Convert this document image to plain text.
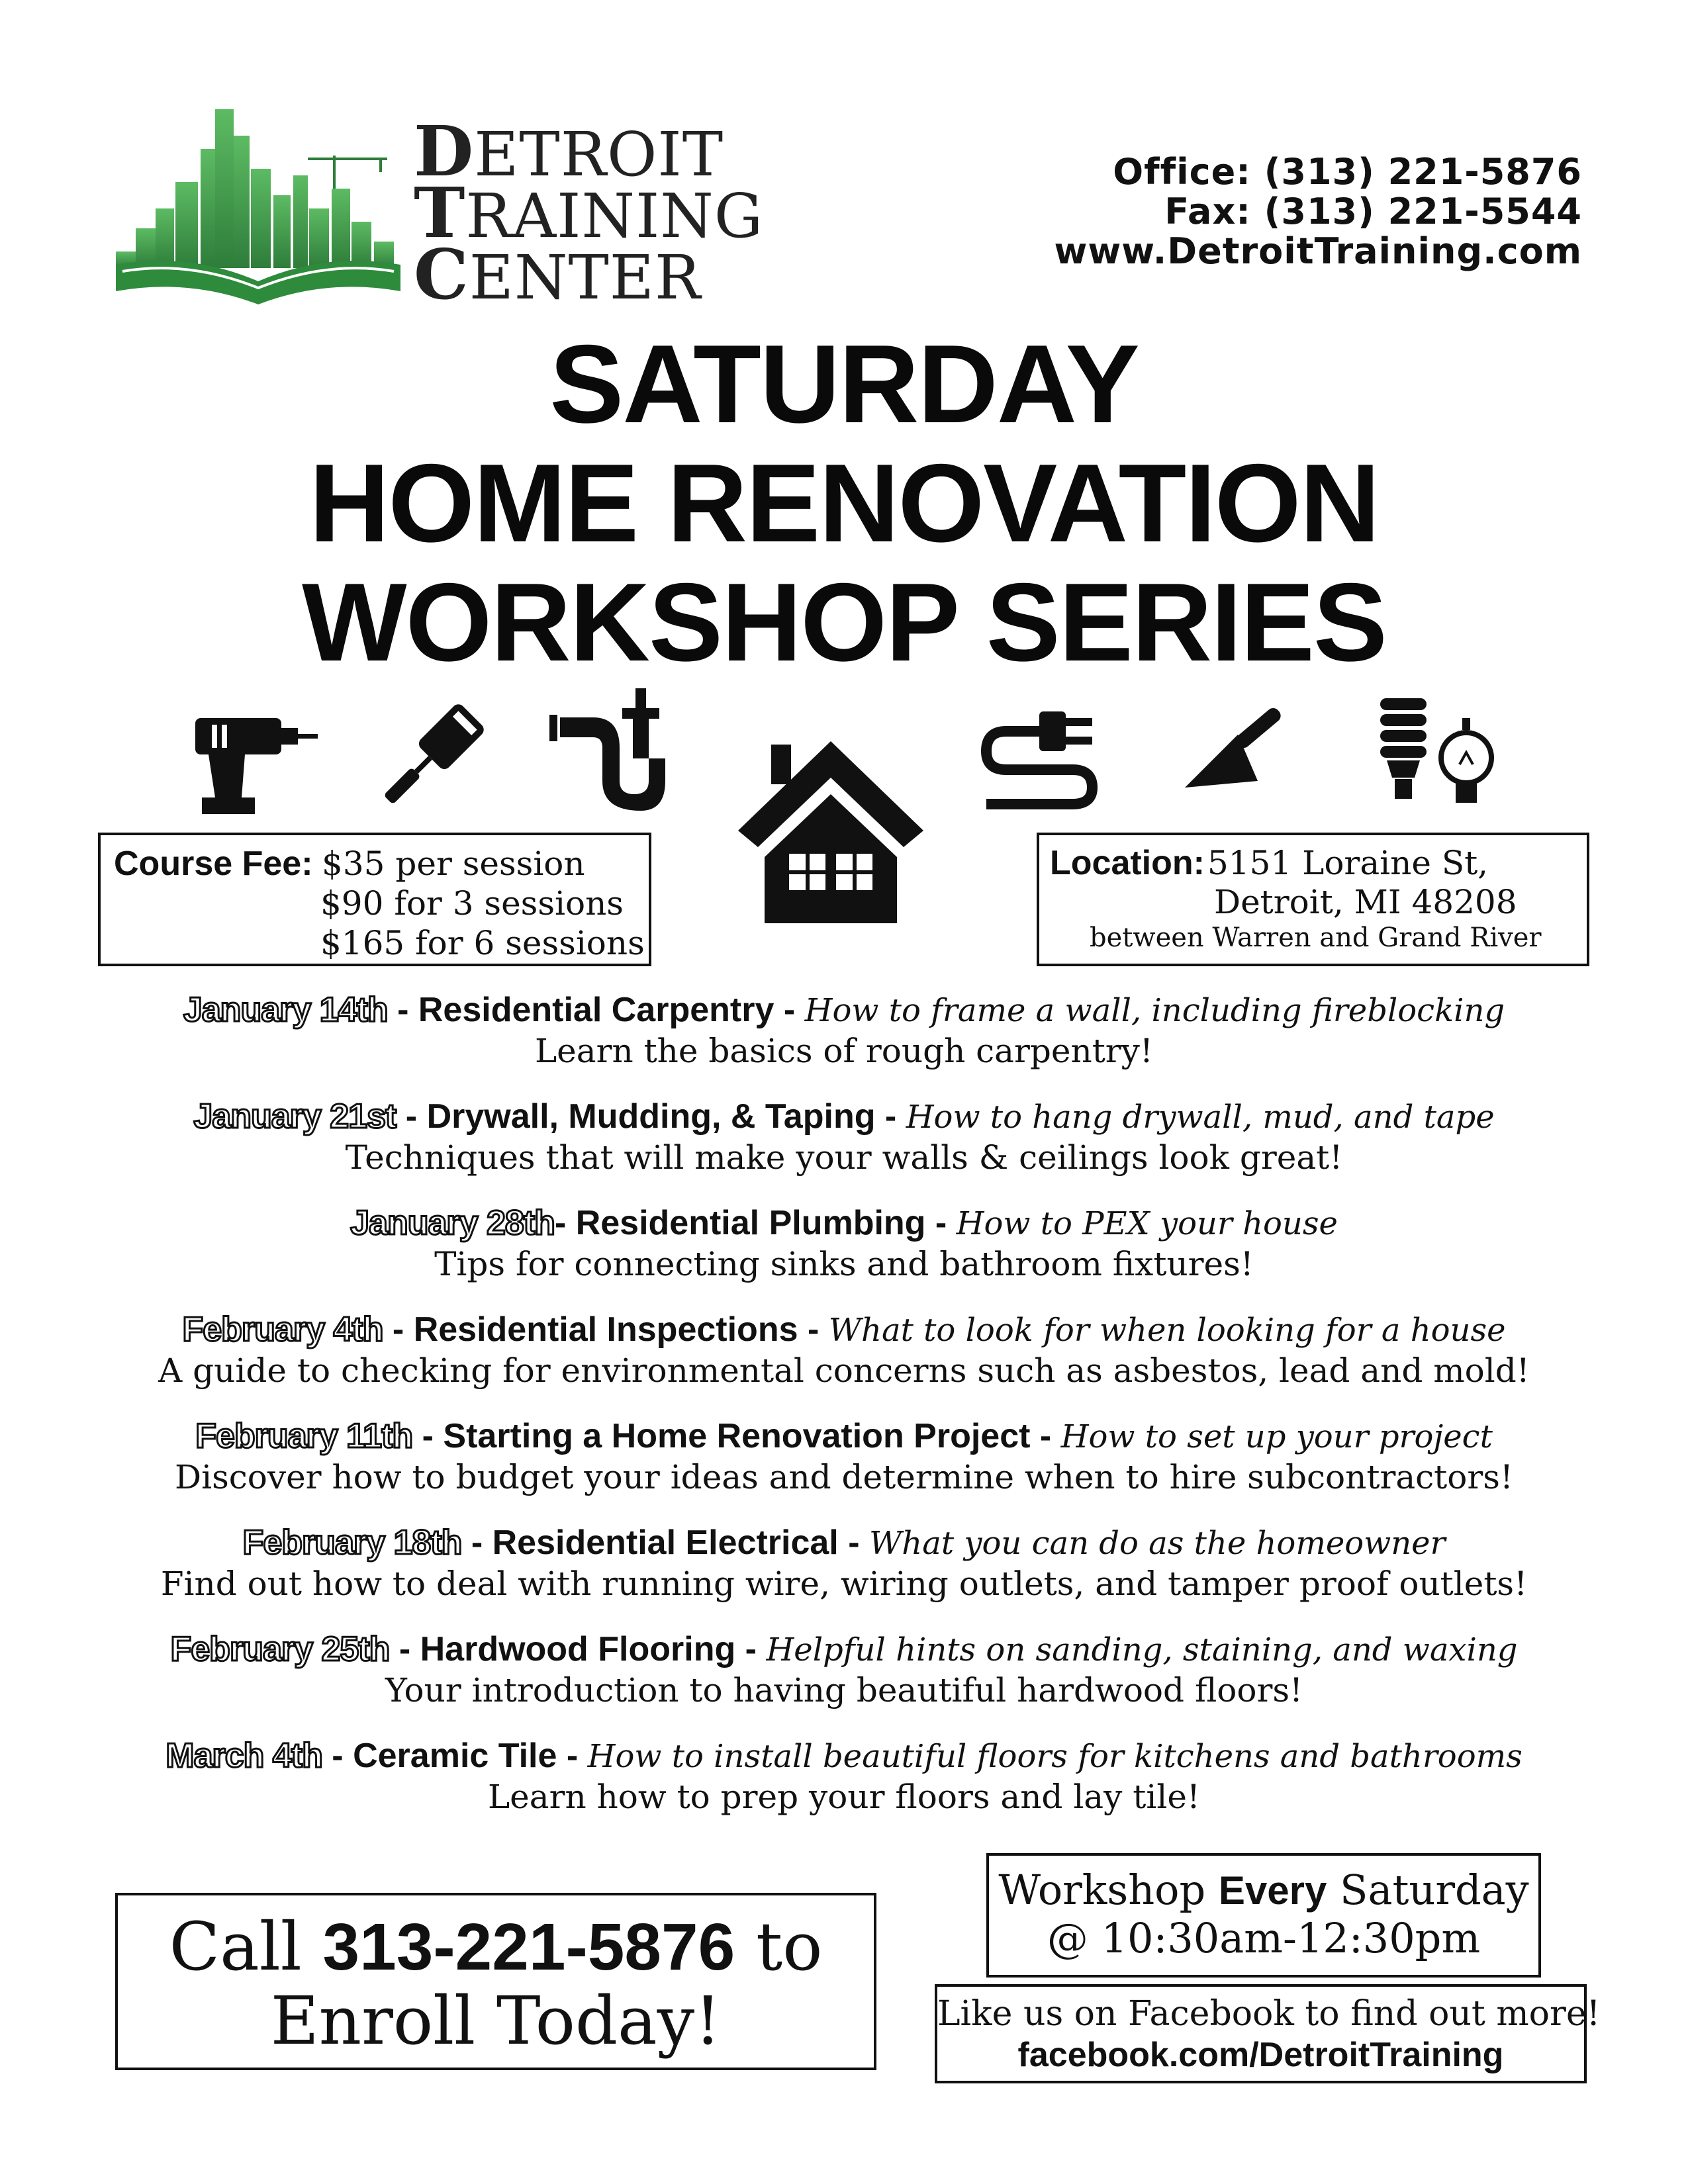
DETROIT
TRAINING
CENTER
Office: (313) 221-5876
Fax: (313) 221-5544
www.DetroitTraining.com
SATURDAY
HOME RENOVATION
WORKSHOP SERIES
Course Fee: $35 per session
$90 for 3 sessions
$165 for 6 sessions
Location: 5151 Loraine St,
Detroit, MI 48208
between Warren and Grand River
January 14th - Residential Carpentry - How to frame a wall, including fireblocking
Learn the basics of rough carpentry!
January 21st - Drywall, Mudding, & Taping - How to hang drywall, mud, and tape
Techniques that will make your walls & ceilings look great!
January 28th- Residential Plumbing - How to PEX your house
Tips for connecting sinks and bathroom fixtures!
February 4th - Residential Inspections - What to look for when looking for a house
A guide to checking for environmental concerns such as asbestos, lead and mold!
February 11th - Starting a Home Renovation Project - How to set up your project
Discover how to budget your ideas and determine when to hire subcontractors!
February 18th - Residential Electrical - What you can do as the homeowner
Find out how to deal with running wire, wiring outlets, and tamper proof outlets!
February 25th - Hardwood Flooring - Helpful hints on sanding, staining, and waxing
Your introduction to having beautiful hardwood floors!
March 4th - Ceramic Tile - How to install beautiful floors for kitchens and bathrooms
Learn how to prep your floors and lay tile!
Call 313-221-5876 to
Enroll Today!
Workshop Every Saturday
@ 10:30am-12:30pm
Like us on Facebook to find out more!
facebook.com/DetroitTraining
